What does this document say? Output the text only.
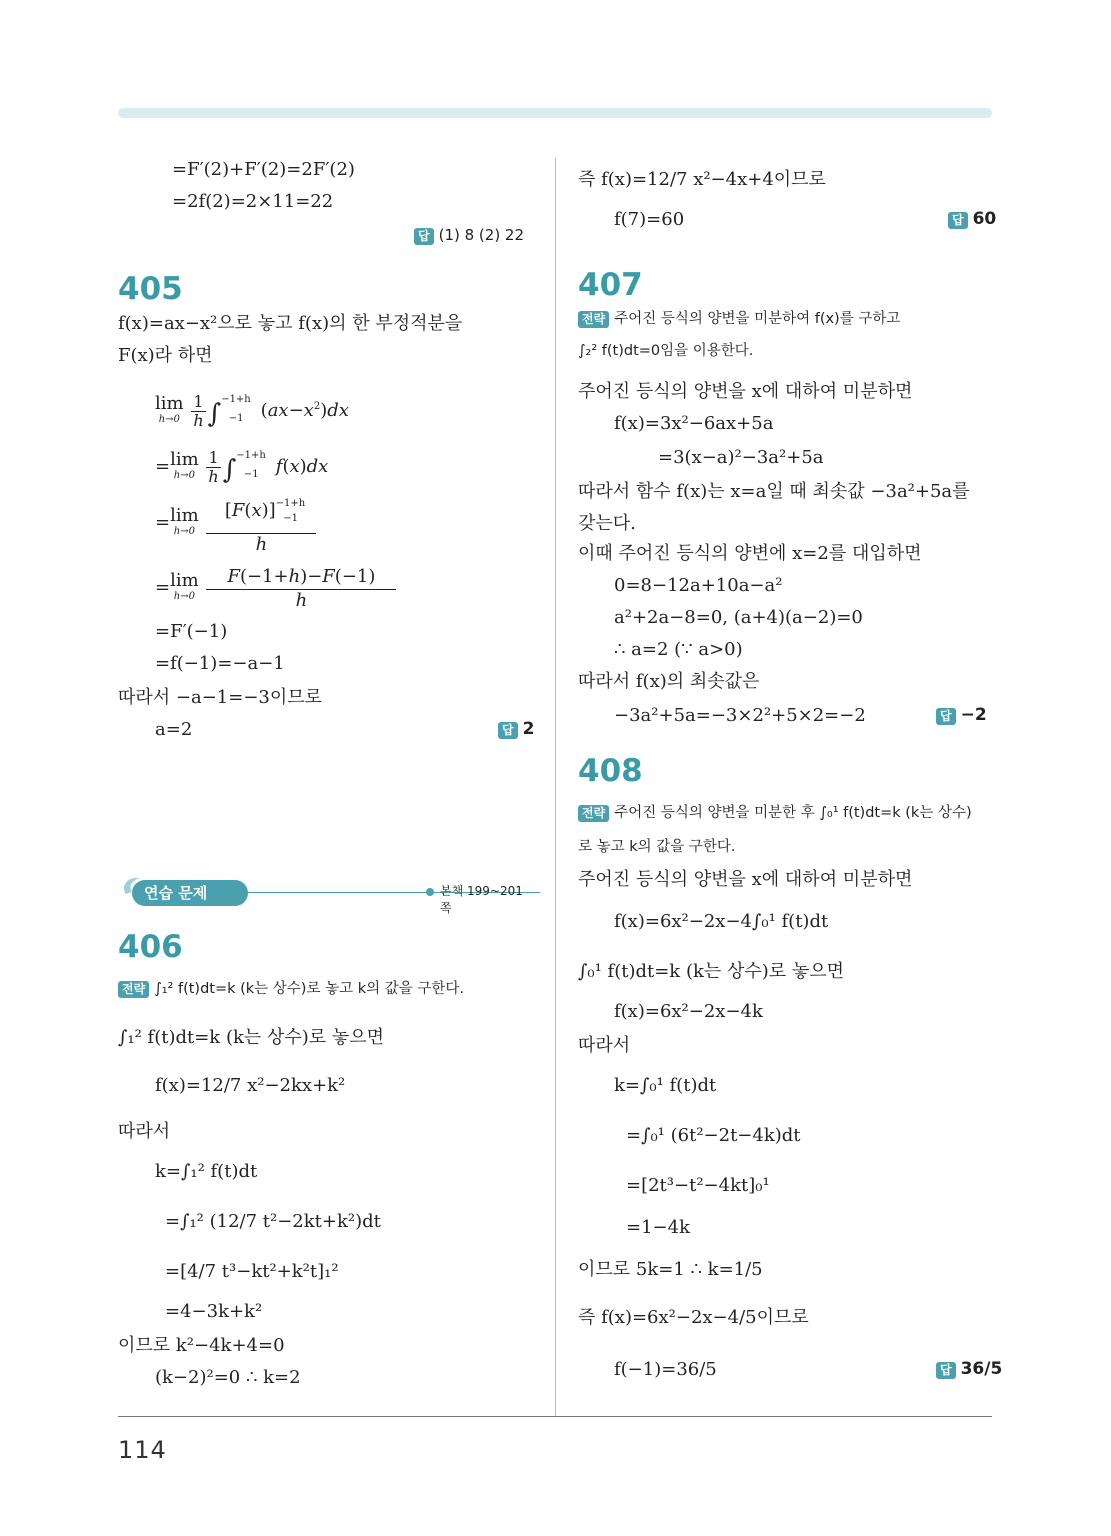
=F′(2)+F′(2)=2F′(2)
=2f(2)=2×11=22
답 (1) 8 (2) 22
405
f(x)=ax−x²으로 놓고 f(x)의 한 부정적분을
F(x)라 하면
lim
h→0
$\frac{1}{h} \int^{-1+h}_{-1}$   $(ax-x^2)dx$
= lim
h→0
$\frac{1}{h} \int^{-1+h}_{-1}$ f(x)dx
= lim
h→0
$\frac{[F(x)]^{-1+h}_{-1}}{h}$
= lim
h→0
$\frac{F(-1+h)-F(-1)}{h}$
=F′(−1)
=f(−1)=−a−1
따라서 −a−1=−3이므로
a=2	답 2
연습 문제	본책 199~201쪽
406
전략 ∫₁² f(t)dt=k (k는 상수)로 놓고 k의 값을 구한다.
∫₁² f(t)dt=k (k는 상수)로 놓으면
f(x)=12/7 x²−2kx+k²
따라서
k=∫₁² f(t)dt
=∫₁² (12/7 t²−2kt+k²)dt
=[4/7 t³−kt²+k²t]₁²
=4−3k+k²
이므로 k²−4k+4=0
(k−2)²=0 ∴ k=2
즉 f(x)=12/7 x²−4x+4이므로
f(7)=60	답 60
407
전략 주어진 등식의 양변을 미분하여 f(x)를 구하고
∫₂² f(t)dt=0임을 이용한다.
주어진 등식의 양변을 x에 대하여 미분하면
f(x)=3x²−6ax+5a
=3(x−a)²−3a²+5a
따라서 함수 f(x)는 x=a일 때 최솟값 −3a²+5a를
갖는다.
이때 주어진 등식의 양변에 x=2를 대입하면
0=8−12a+10a−a²
a²+2a−8=0, (a+4)(a−2)=0
∴ a=2 (∵ a>0)
따라서 f(x)의 최솟값은
−3a²+5a=−3×2²+5×2=−2	답 −2
408
전략 주어진 등식의 양변을 미분한 후 ∫₀¹ f(t)dt=k (k는 상수)
로 놓고 k의 값을 구한다.
주어진 등식의 양변을 x에 대하여 미분하면
f(x)=6x²−2x−4∫₀¹ f(t)dt
∫₀¹ f(t)dt=k (k는 상수)로 놓으면
f(x)=6x²−2x−4k
따라서
k=∫₀¹ f(t)dt
=∫₀¹ (6t²−2t−4k)dt
=[2t³−t²−4kt]₀¹
=1−4k
이므로 5k=1 ∴ k=1/5
즉 f(x)=6x²−2x−4/5이므로
f(−1)=36/5	답 36/5
114
